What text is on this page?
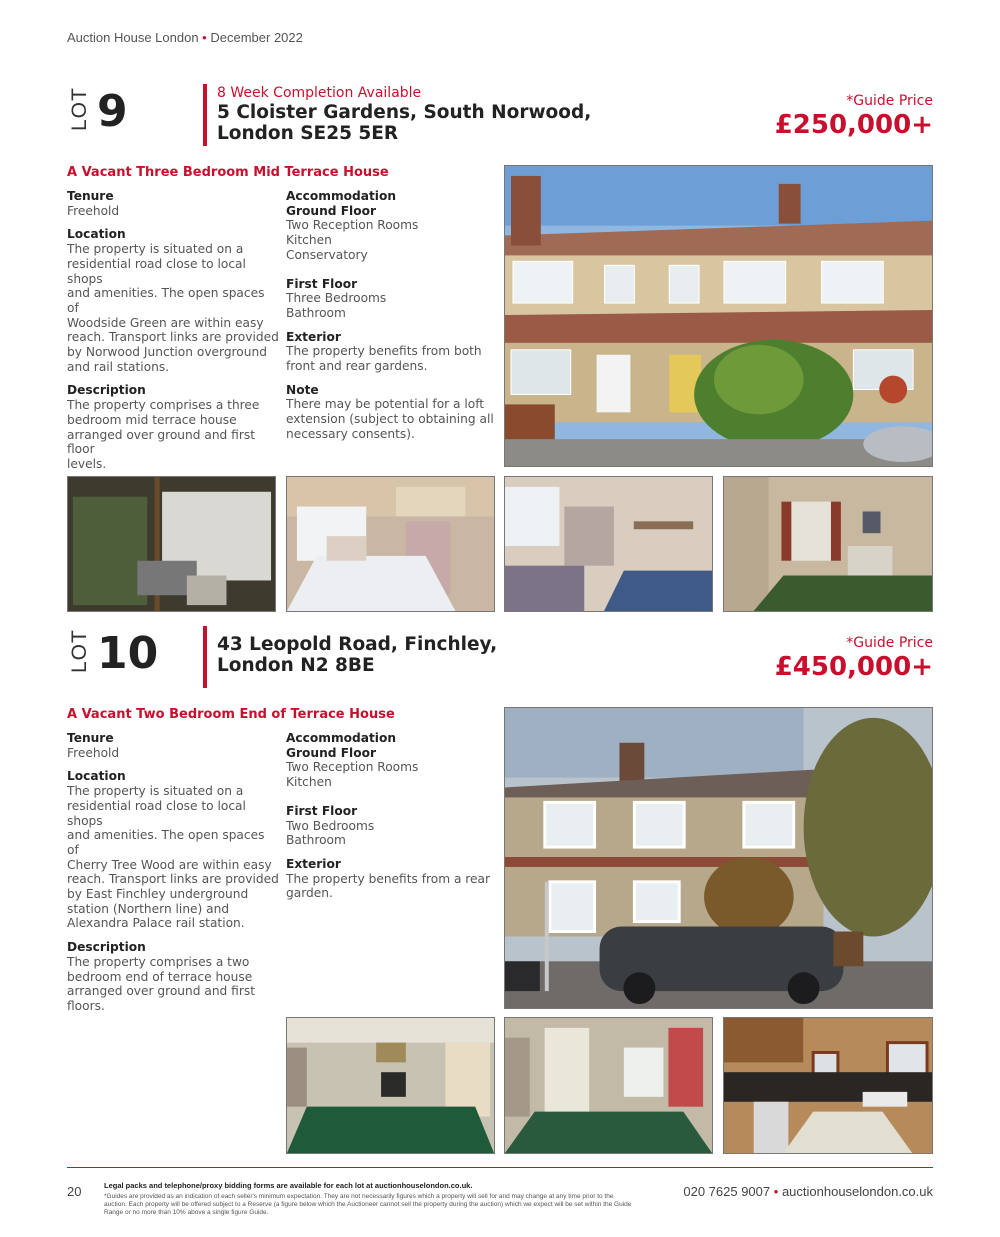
Auction House London • December 2022
LOT 9	8 Week Completion Available
5 Cloister Gardens, South Norwood,
London SE25 5ER
*Guide Price
£250,000+
A Vacant Three Bedroom Mid Terrace House
Tenure
Freehold
Location
The property is situated on a
residential road close to local shops
and amenities. The open spaces of
Woodside Green are within easy
reach. Transport links are provided
by Norwood Junction overground
and rail stations.
Description
The property comprises a three
bedroom mid terrace house
arranged over ground and first floor
levels.
Accommodation
Ground Floor
Two Reception Rooms
Kitchen
Conservatory
First Floor
Three Bedrooms
Bathroom
Exterior
The property benefits from both
front and rear gardens.
Note
There may be potential for a loft
extension (subject to obtaining all
necessary consents).
LOT 10	43 Leopold Road, Finchley,
London N2 8BE
*Guide Price
£450,000+
A Vacant Two Bedroom End of Terrace House
Tenure
Freehold
Location
The property is situated on a
residential road close to local shops
and amenities. The open spaces of
Cherry Tree Wood are within easy
reach. Transport links are provided
by East Finchley underground
station (Northern line) and
Alexandra Palace rail station.
Description
The property comprises a two
bedroom end of terrace house
arranged over ground and first
floors.
Accommodation
Ground Floor
Two Reception Rooms
Kitchen
First Floor
Two Bedrooms
Bathroom
Exterior
The property benefits from a rear
garden.
20	Legal packs and telephone/proxy bidding forms are available for each lot at auctionhouselondon.co.uk.
*Guides are provided as an indication of each seller's minimum expectation. They are not necessarily figures which a property will sell for and may change at any time prior to the auction. Each property will be offered subject to a Reserve (a figure below which the Auctioneer cannot sell the property during the auction) which we expect will be set within the Guide Range or no more than 10% above a single figure Guide.
020 7625 9007 • auctionhouselondon.co.uk
